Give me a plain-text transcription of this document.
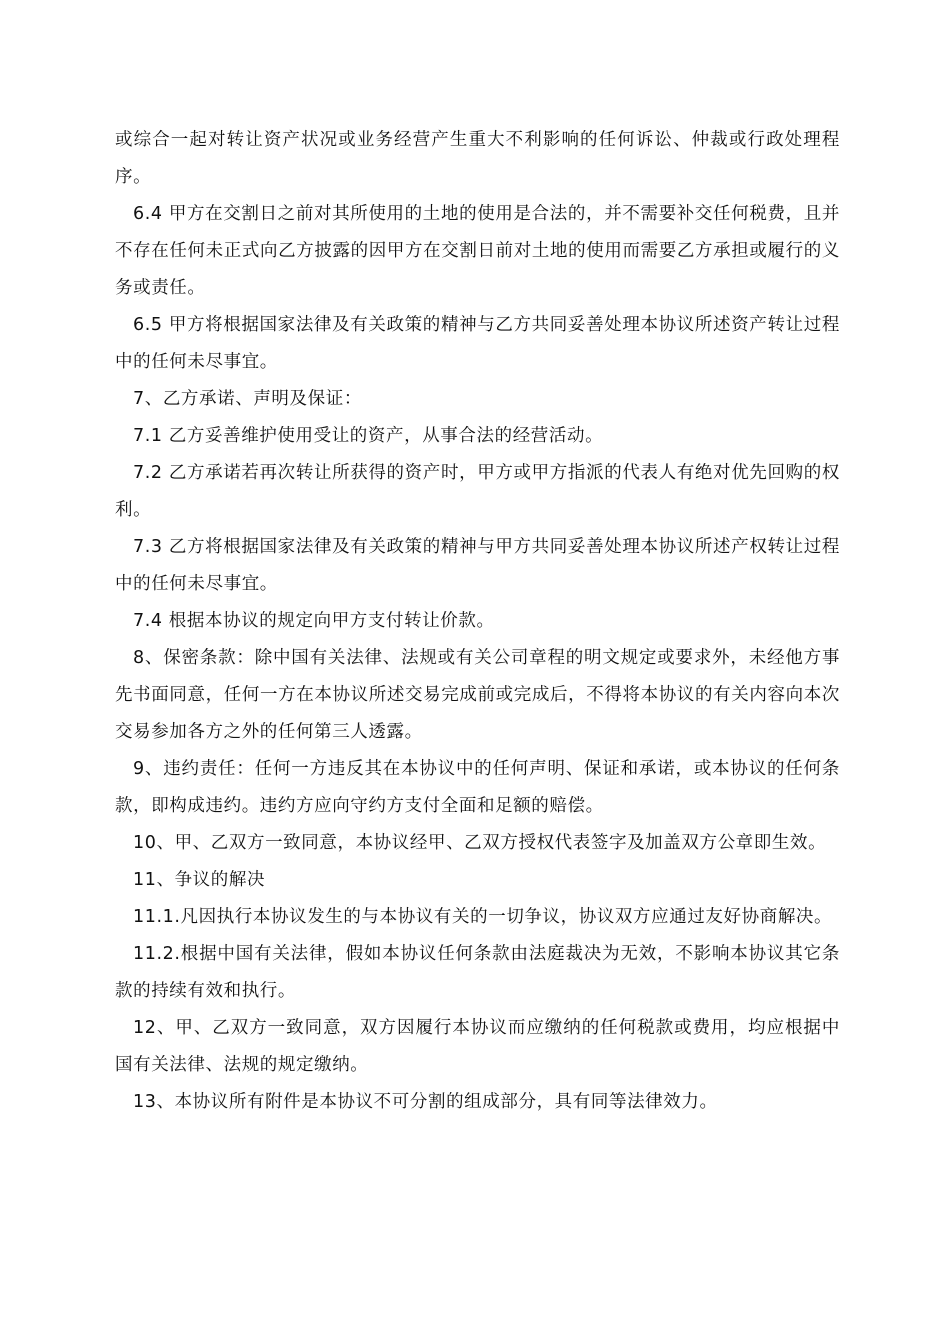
或综合一起对转让资产状况或业务经营产生重大不利影响的任何诉讼、仲裁或行政处理程序。

6.4 甲方在交割日之前对其所使用的土地的使用是合法的，并不需要补交任何税费，且并不存在任何未正式向乙方披露的因甲方在交割日前对土地的使用而需要乙方承担或履行的义务或责任。

6.5 甲方将根据国家法律及有关政策的精神与乙方共同妥善处理本协议所述资产转让过程中的任何未尽事宜。

7、乙方承诺、声明及保证：

7.1 乙方妥善维护使用受让的资产，从事合法的经营活动。

7.2 乙方承诺若再次转让所获得的资产时，甲方或甲方指派的代表人有绝对优先回购的权利。

7.3 乙方将根据国家法律及有关政策的精神与甲方共同妥善处理本协议所述产权转让过程中的任何未尽事宜。

7.4 根据本协议的规定向甲方支付转让价款。

8、保密条款：除中国有关法律、法规或有关公司章程的明文规定或要求外，未经他方事先书面同意，任何一方在本协议所述交易完成前或完成后，不得将本协议的有关内容向本次交易参加各方之外的任何第三人透露。

9、违约责任：任何一方违反其在本协议中的任何声明、保证和承诺，或本协议的任何条款，即构成违约。违约方应向守约方支付全面和足额的赔偿。

10、甲、乙双方一致同意，本协议经甲、乙双方授权代表签字及加盖双方公章即生效。

11、争议的解决

11.1.凡因执行本协议发生的与本协议有关的一切争议，协议双方应通过友好协商解决。

11.2.根据中国有关法律，假如本协议任何条款由法庭裁决为无效，不影响本协议其它条款的持续有效和执行。

12、甲、乙双方一致同意，双方因履行本协议而应缴纳的任何税款或费用，均应根据中国有关法律、法规的规定缴纳。

13、本协议所有附件是本协议不可分割的组成部分，具有同等法律效力。
